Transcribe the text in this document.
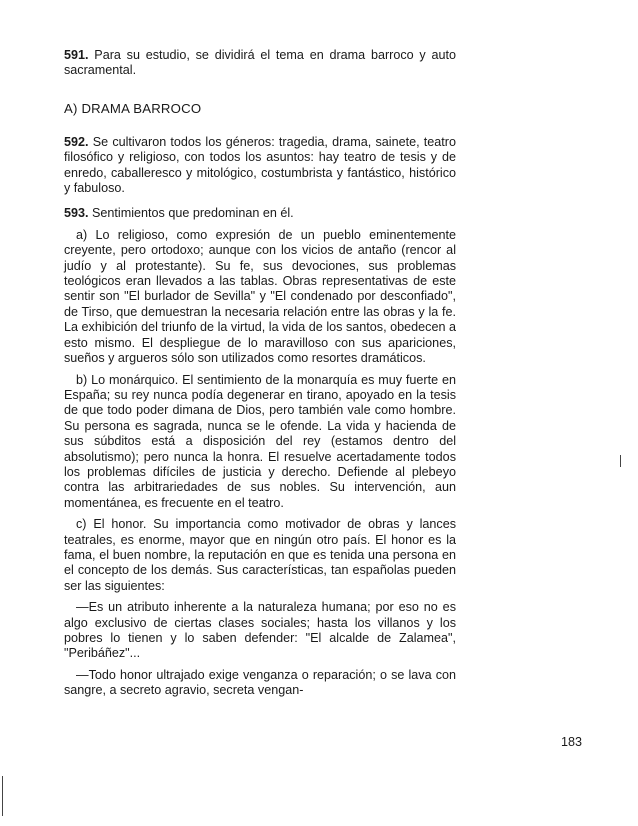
591. Para su estudio, se dividirá el tema en drama barroco y auto sacramental.

A) DRAMA BARROCO

592. Se cultivaron todos los géneros: tragedia, drama, sainete, teatro filosófico y religioso, con todos los asuntos: hay teatro de tesis y de enredo, caballeresco y mitológico, costumbrista y fantástico, histórico y fabuloso.

593. Sentimientos que predominan en él.

a) Lo religioso, como expresión de un pueblo eminentemente creyente, pero ortodoxo; aunque con los vicios de antaño (rencor al judío y al protestante). Su fe, sus devociones, sus problemas teológicos eran llevados a las tablas. Obras representativas de este sentir son "El burlador de Sevilla" y "El condenado por desconfiado", de Tirso, que demuestran la necesaria relación entre las obras y la fe. La exhibición del triunfo de la virtud, la vida de los santos, obedecen a esto mismo. El despliegue de lo maravilloso con sus apariciones, sueños y argueros sólo son utilizados como resortes dramáticos.

b) Lo monárquico. El sentimiento de la monarquía es muy fuerte en España; su rey nunca podía degenerar en tirano, apoyado en la tesis de que todo poder dimana de Dios, pero también vale como hombre. Su persona es sagrada, nunca se le ofende. La vida y hacienda de sus súbditos está a disposición del rey (estamos dentro del absolutismo); pero nunca la honra. El resuelve acertadamente todos los problemas difíciles de justicia y derecho. Defiende al plebeyo contra las arbitrariedades de sus nobles. Su intervención, aun momentánea, es frecuente en el teatro.

c) El honor. Su importancia como motivador de obras y lances teatrales, es enorme, mayor que en ningún otro país. El honor es la fama, el buen nombre, la reputación en que es tenida una persona en el concepto de los demás. Sus características, tan españolas pueden ser las siguientes:

—Es un atributo inherente a la naturaleza humana; por eso no es algo exclusivo de ciertas clases sociales; hasta los villanos y los pobres lo tienen y lo saben defender: "El alcalde de Zalamea", "Peribáñez"...

—Todo honor ultrajado exige venganza o reparación; o se lava con sangre, a secreto agravio, secreta vengan-

183
